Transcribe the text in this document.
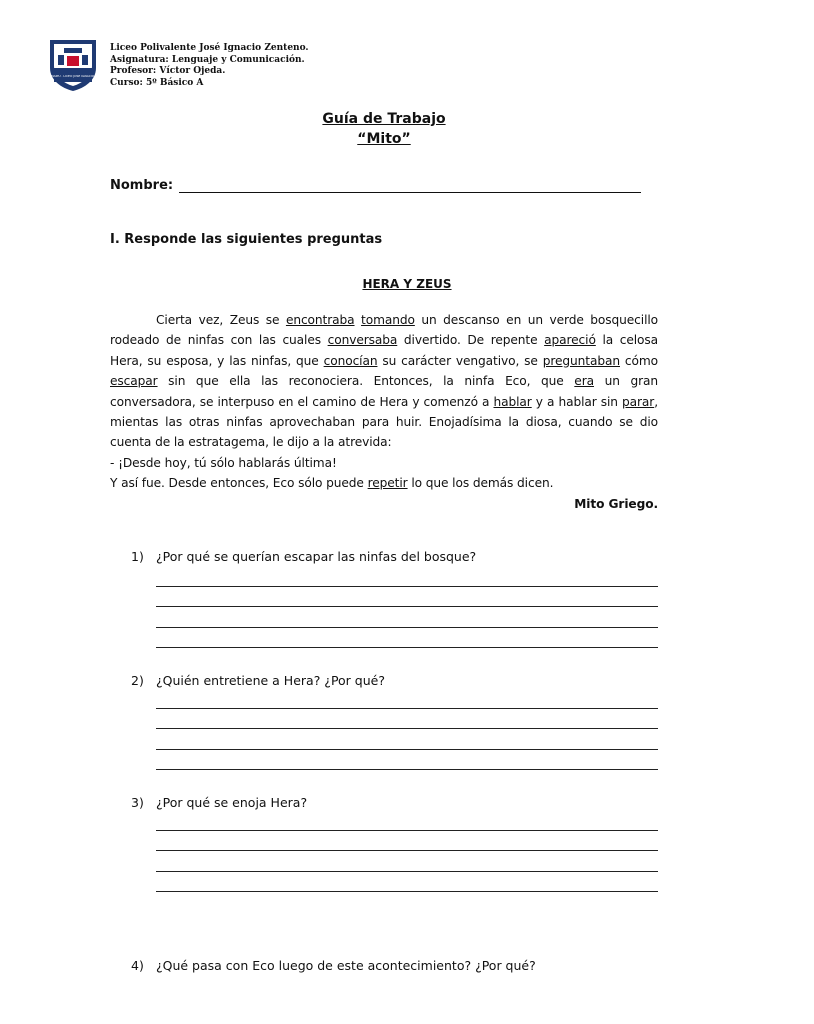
COLEGIO MAIPU · LICEO JOSE IGNACIO ZENTENO
Liceo Polivalente José Ignacio Zenteno.
Asignatura: Lenguaje y Comunicación.
Profesor: Víctor Ojeda.
Curso: 5º Básico A
Guía de Trabajo
“Mito”
Nombre:
I. Responde las siguientes preguntas
HERA Y ZEUS

Cierta vez, Zeus se encontraba tomando un descanso en un verde bosquecillo rodeado de ninfas con las cuales conversaba divertido. De repente apareció la celosa Hera, su esposa, y las ninfas, que conocían su carácter vengativo, se preguntaban cómo escapar sin que ella las reconociera. Entonces, la ninfa Eco, que era un gran conversadora, se interpuso en el camino de Hera y comenzó a hablar y a hablar sin parar, mientas las otras ninfas aprovechaban para huir. Enojadísima la diosa, cuando se dio cuenta de la estratagema, le dijo a la atrevida:

- ¡Desde hoy, tú sólo hablarás última!

Y así fue. Desde entonces, Eco sólo puede repetir lo que los demás dicen.

Mito Griego.

1) ¿Por qué se querían escapar las ninfas del bosque?
2) ¿Quién entretiene a Hera? ¿Por qué?
3) ¿Por qué se enoja Hera?
4) ¿Qué pasa con Eco luego de este acontecimiento? ¿Por qué?
